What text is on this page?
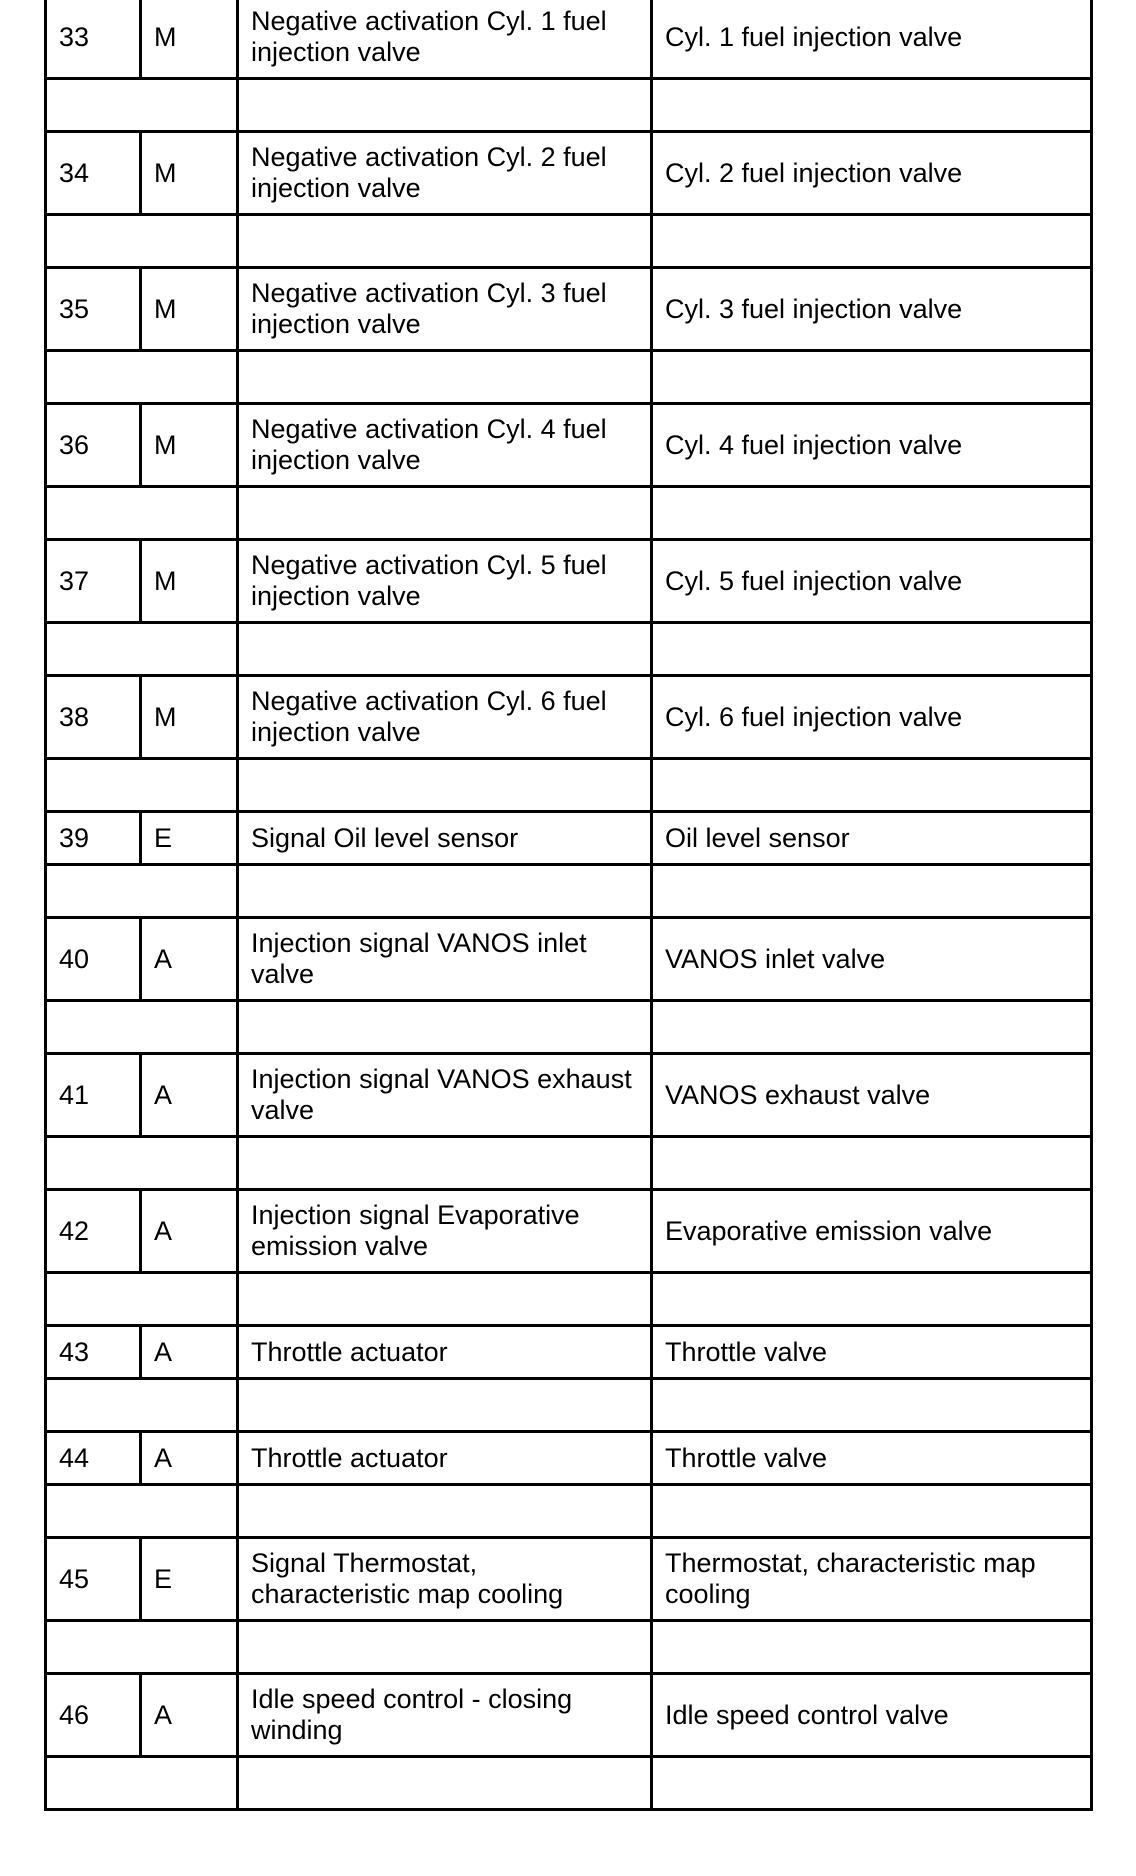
33	M	Negative activation Cyl. 1 fuel injection valve	Cyl. 1 fuel injection valve

34	M	Negative activation Cyl. 2 fuel injection valve	Cyl. 2 fuel injection valve

35	M	Negative activation Cyl. 3 fuel injection valve	Cyl. 3 fuel injection valve

36	M	Negative activation Cyl. 4 fuel injection valve	Cyl. 4 fuel injection valve

37	M	Negative activation Cyl. 5 fuel injection valve	Cyl. 5 fuel injection valve

38	M	Negative activation Cyl. 6 fuel injection valve	Cyl. 6 fuel injection valve

39	E	Signal Oil level sensor	Oil level sensor

40	A	Injection signal VANOS inlet valve	VANOS inlet valve

41	A	Injection signal VANOS exhaust valve	VANOS exhaust valve

42	A	Injection signal Evaporative emission valve	Evaporative emission valve

43	A	Throttle actuator	Throttle valve

44	A	Throttle actuator	Throttle valve

45	E	Signal Thermostat, characteristic map cooling	Thermostat, characteristic map cooling

46	A	Idle speed control - closing winding	Idle speed control valve
